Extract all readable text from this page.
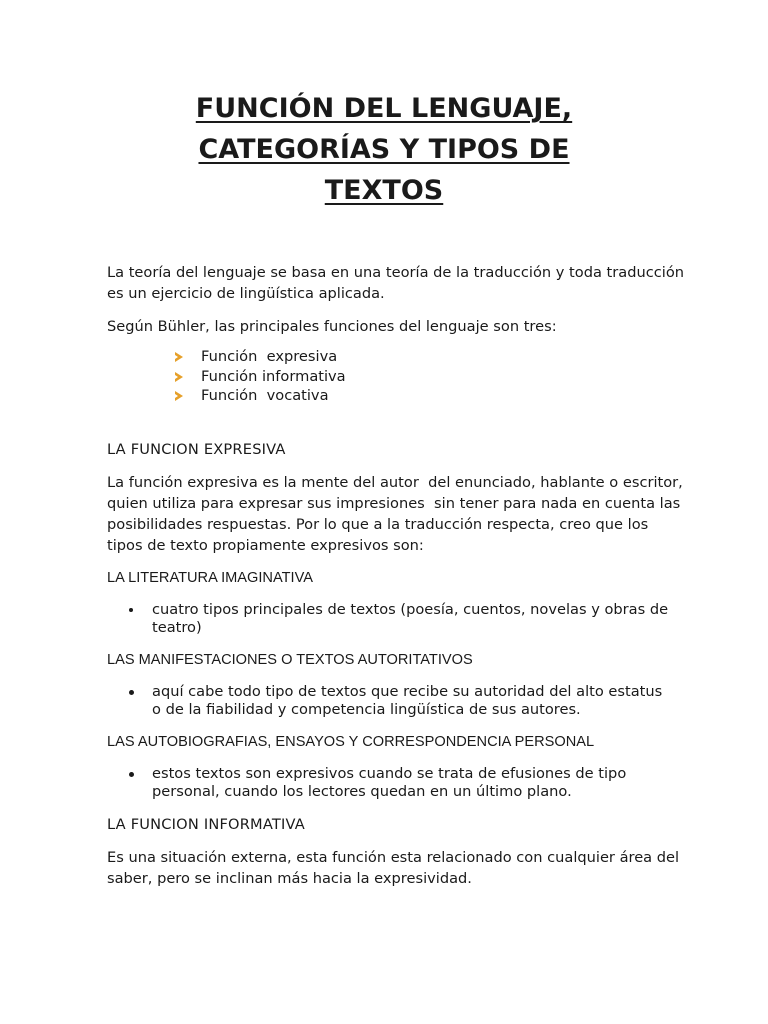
FUNCIÓN DEL LENGUAJE,
CATEGORÍAS Y TIPOS DE
TEXTOS

La teoría del lenguaje se basa en una teoría de la traducción y toda traducción es un ejercicio de lingüística aplicada.

Según Bühler, las principales funciones del lenguaje son tres:

Función  expresiva
Función informativa
Función  vocativa

LA FUNCION EXPRESIVA

La función expresiva es la mente del autor  del enunciado, hablante o escritor, quien utiliza para expresar sus impresiones  sin tener para nada en cuenta las posibilidades respuestas. Por lo que a la traducción respecta, creo que los tipos de texto propiamente expresivos son:

LA LITERATURA IMAGINATIVA

cuatro tipos principales de textos (poesía, cuentos, novelas y obras de teatro)

LAS MANIFESTACIONES O TEXTOS AUTORITATIVOS

aquí cabe todo tipo de textos que recibe su autoridad del alto estatus o de la fiabilidad y competencia lingüística de sus autores.

LAS AUTOBIOGRAFIAS, ENSAYOS Y CORRESPONDENCIA PERSONAL

estos textos son expresivos cuando se trata de efusiones de tipo personal, cuando los lectores quedan en un último plano.

LA FUNCION INFORMATIVA

Es una situación externa, esta función esta relacionado con cualquier área del saber, pero se inclinan más hacia la expresividad.
